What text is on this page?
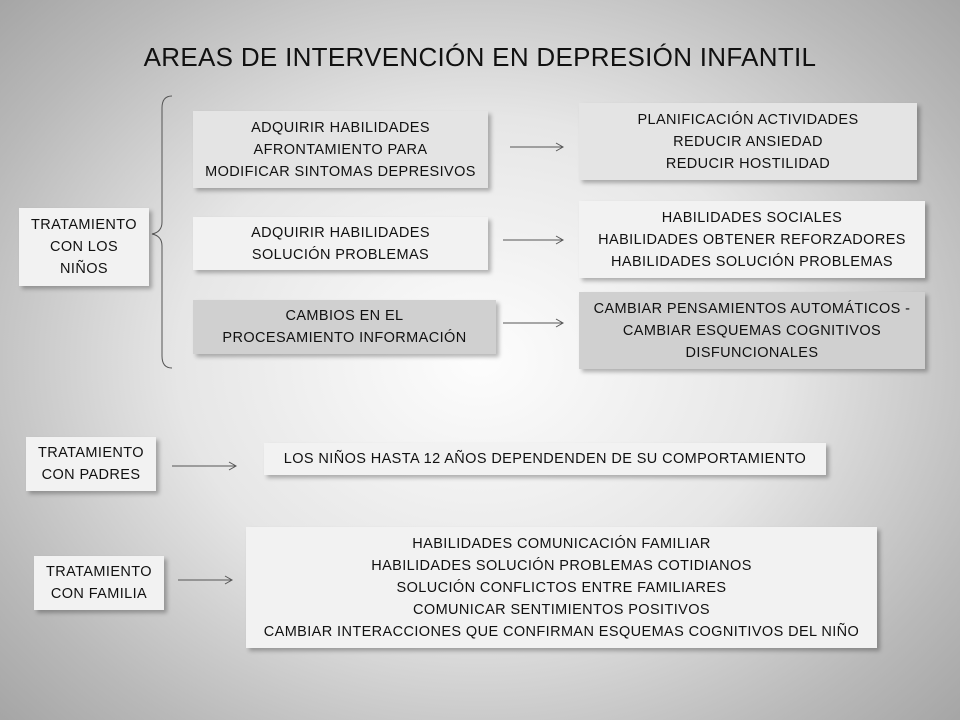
AREAS DE INTERVENCIÓN EN DEPRESIÓN INFANTIL
TRATAMIENTO
CON LOS
NIÑOS
ADQUIRIR HABILIDADES
AFRONTAMIENTO PARA
MODIFICAR SINTOMAS DEPRESIVOS
PLANIFICACIÓN ACTIVIDADES
REDUCIR ANSIEDAD
REDUCIR HOSTILIDAD
ADQUIRIR HABILIDADES
SOLUCIÓN PROBLEMAS
HABILIDADES SOCIALES
HABILIDADES OBTENER REFORZADORES
HABILIDADES SOLUCIÓN PROBLEMAS
CAMBIOS EN EL
PROCESAMIENTO INFORMACIÓN
CAMBIAR PENSAMIENTOS AUTOMÁTICOS -
CAMBIAR ESQUEMAS COGNITIVOS
DISFUNCIONALES
TRATAMIENTO
CON PADRES
LOS NIÑOS HASTA 12 AÑOS DEPENDENDEN DE SU COMPORTAMIENTO
TRATAMIENTO
CON FAMILIA
HABILIDADES COMUNICACIÓN FAMILIAR
HABILIDADES SOLUCIÓN PROBLEMAS COTIDIANOS
SOLUCIÓN CONFLICTOS ENTRE FAMILIARES
COMUNICAR SENTIMIENTOS POSITIVOS
CAMBIAR INTERACCIONES QUE CONFIRMAN ESQUEMAS COGNITIVOS DEL NIÑO
